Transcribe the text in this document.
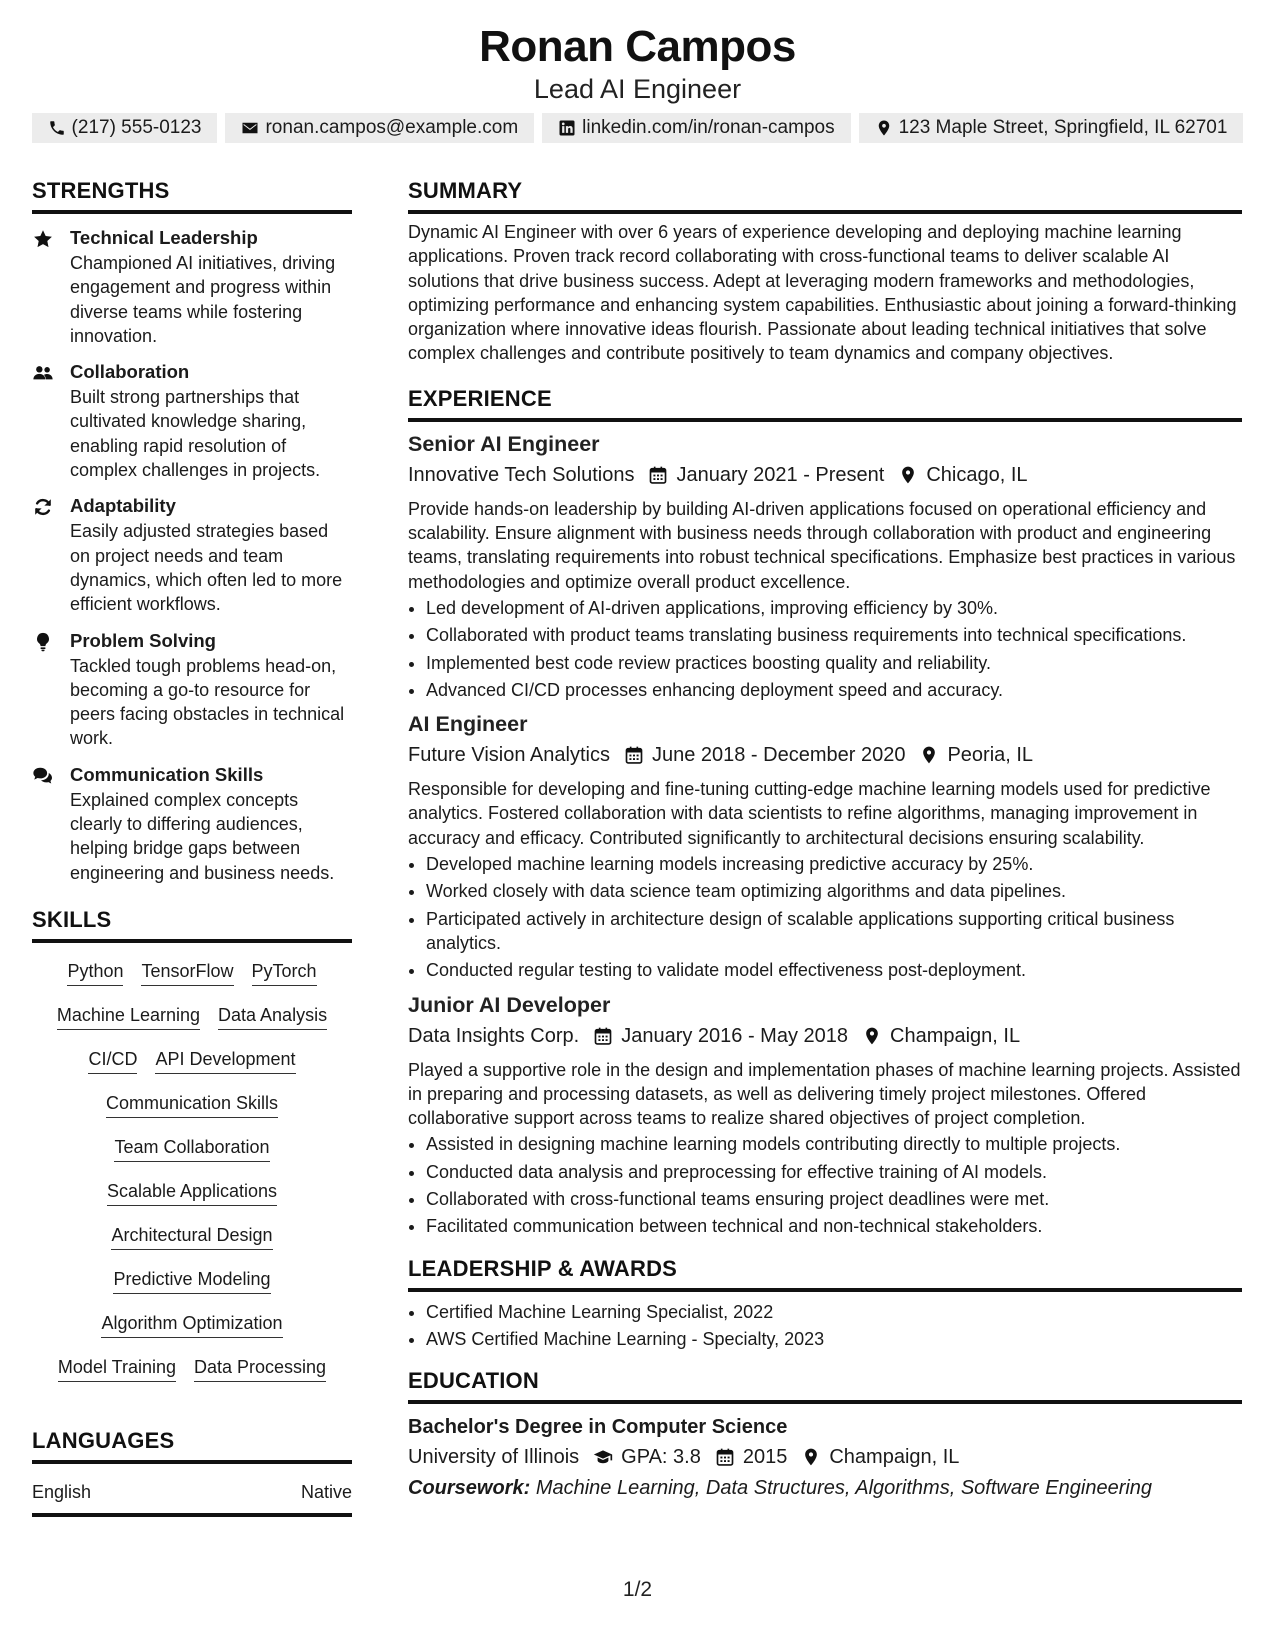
Ronan Campos
Lead AI Engineer
(217) 555-0123	ronan.campos@example.com	linkedin.com/in/ronan-campos	123 Maple Street, Springfield, IL 62701
STRENGTHS
Technical Leadership
Championed AI initiatives, driving engagement and progress within diverse teams while fostering innovation.
Collaboration
Built strong partnerships that cultivated knowledge sharing, enabling rapid resolution of complex challenges in projects.
Adaptability
Easily adjusted strategies based on project needs and team dynamics, which often led to more efficient workflows.
Problem Solving
Tackled tough problems head-on, becoming a go-to resource for peers facing obstacles in technical work.
Communication Skills
Explained complex concepts clearly to differing audiences, helping bridge gaps between engineering and business needs.
SKILLS
Python TensorFlow PyTorch
Machine Learning Data Analysis
CI/CD API Development
Communication Skills
Team Collaboration
Scalable Applications
Architectural Design
Predictive Modeling
Algorithm Optimization
Model Training Data Processing
LANGUAGES
English	Native
SUMMARY
Dynamic AI Engineer with over 6 years of experience developing and deploying machine learning applications. Proven track record collaborating with cross-functional teams to deliver scalable AI solutions that drive business success. Adept at leveraging modern frameworks and methodologies, optimizing performance and enhancing system capabilities. Enthusiastic about joining a forward-thinking organization where innovative ideas flourish. Passionate about leading technical initiatives that solve complex challenges and contribute positively to team dynamics and company objectives.
EXPERIENCE
Senior AI Engineer
Innovative Tech Solutions January 2021 - Present Chicago, IL
Provide hands-on leadership by building AI-driven applications focused on operational efficiency and scalability. Ensure alignment with business needs through collaboration with product and engineering teams, translating requirements into robust technical specifications. Emphasize best practices in various methodologies and optimize overall product excellence.
• Led development of AI-driven applications, improving efficiency by 30%.
• Collaborated with product teams translating business requirements into technical specifications.
• Implemented best code review practices boosting quality and reliability.
• Advanced CI/CD processes enhancing deployment speed and accuracy.
AI Engineer
Future Vision Analytics June 2018 - December 2020 Peoria, IL
Responsible for developing and fine-tuning cutting-edge machine learning models used for predictive analytics. Fostered collaboration with data scientists to refine algorithms, managing improvement in accuracy and efficacy. Contributed significantly to architectural decisions ensuring scalability.
• Developed machine learning models increasing predictive accuracy by 25%.
• Worked closely with data science team optimizing algorithms and data pipelines.
• Participated actively in architecture design of scalable applications supporting critical business analytics.
• Conducted regular testing to validate model effectiveness post-deployment.
Junior AI Developer
Data Insights Corp. January 2016 - May 2018 Champaign, IL
Played a supportive role in the design and implementation phases of machine learning projects. Assisted in preparing and processing datasets, as well as delivering timely project milestones. Offered collaborative support across teams to realize shared objectives of project completion.
• Assisted in designing machine learning models contributing directly to multiple projects.
• Conducted data analysis and preprocessing for effective training of AI models.
• Collaborated with cross-functional teams ensuring project deadlines were met.
• Facilitated communication between technical and non-technical stakeholders.
LEADERSHIP & AWARDS
• Certified Machine Learning Specialist, 2022
• AWS Certified Machine Learning - Specialty, 2023
EDUCATION
Bachelor's Degree in Computer Science
University of Illinois GPA: 3.8 2015 Champaign, IL
Coursework: Machine Learning, Data Structures, Algorithms, Software Engineering
1/2
